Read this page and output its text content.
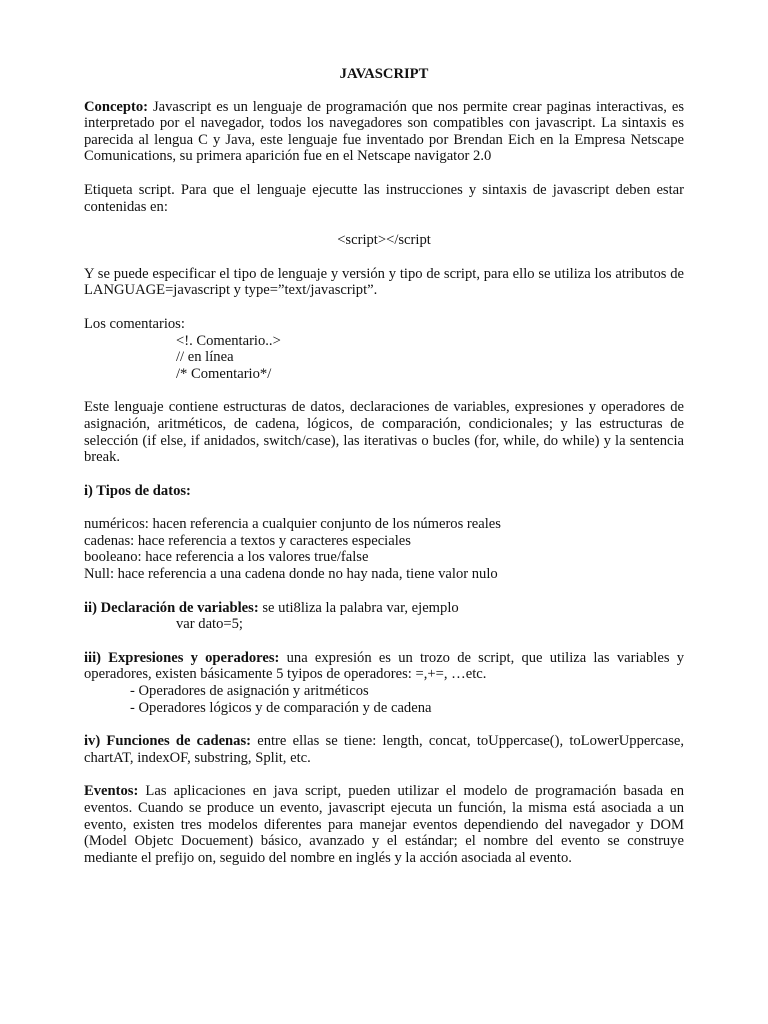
JAVASCRIPT

Concepto: Javascript es un lenguaje de programación que nos permite crear paginas interactivas, es interpretado por el navegador, todos los navegadores son compatibles con javascript. La sintaxis es parecida al lengua C y Java, este lenguaje fue inventado por Brendan Eich en la Empresa Netscape Comunications, su primera aparición fue en el Netscape navigator 2.0

Etiqueta script. Para que el lenguaje ejecutte las instrucciones y sintaxis de javascript deben estar contenidas en:

<script></script

Y se puede especificar el tipo de lenguaje y versión y tipo de script, para ello se utiliza los atributos de LANGUAGE=javascript y type=”text/javascript”.

Los comentarios:
<!. Comentario..>
// en línea
/* Comentario*/

Este lenguaje contiene estructuras de datos, declaraciones de variables, expresiones y operadores de asignación, aritméticos, de cadena, lógicos, de comparación, condicionales; y las estructuras de selección (if else, if anidados, switch/case), las iterativas o bucles (for, while, do while) y la sentencia break.

i) Tipos de datos:

numéricos: hacen referencia a cualquier conjunto de los números reales
cadenas: hace referencia a textos y caracteres especiales
booleano: hace referencia a los valores true/false
Null: hace referencia a una cadena donde no hay nada, tiene valor nulo

ii) Declaración de variables: se uti8liza la palabra var, ejemplo
var dato=5;

iii) Expresiones y operadores: una expresión es un trozo de script, que utiliza las variables y operadores, existen básicamente 5 tyipos de operadores: =,+=, …etc.
- Operadores de asignación y aritméticos
- Operadores lógicos y de comparación y de cadena

iv) Funciones de cadenas: entre ellas se tiene: length, concat, toUppercase(), toLowerUppercase, chartAT, indexOF, substring, Split, etc.

Eventos: Las aplicaciones en java script, pueden utilizar el modelo de programación basada en eventos. Cuando se produce un evento, javascript ejecuta un función, la misma está asociada a un evento, existen tres modelos diferentes para manejar eventos dependiendo del navegador y DOM (Model Objetc Docuement) básico, avanzado y el estándar; el nombre del evento se construye mediante el prefijo on, seguido del nombre en inglés y la acción asociada al evento.
